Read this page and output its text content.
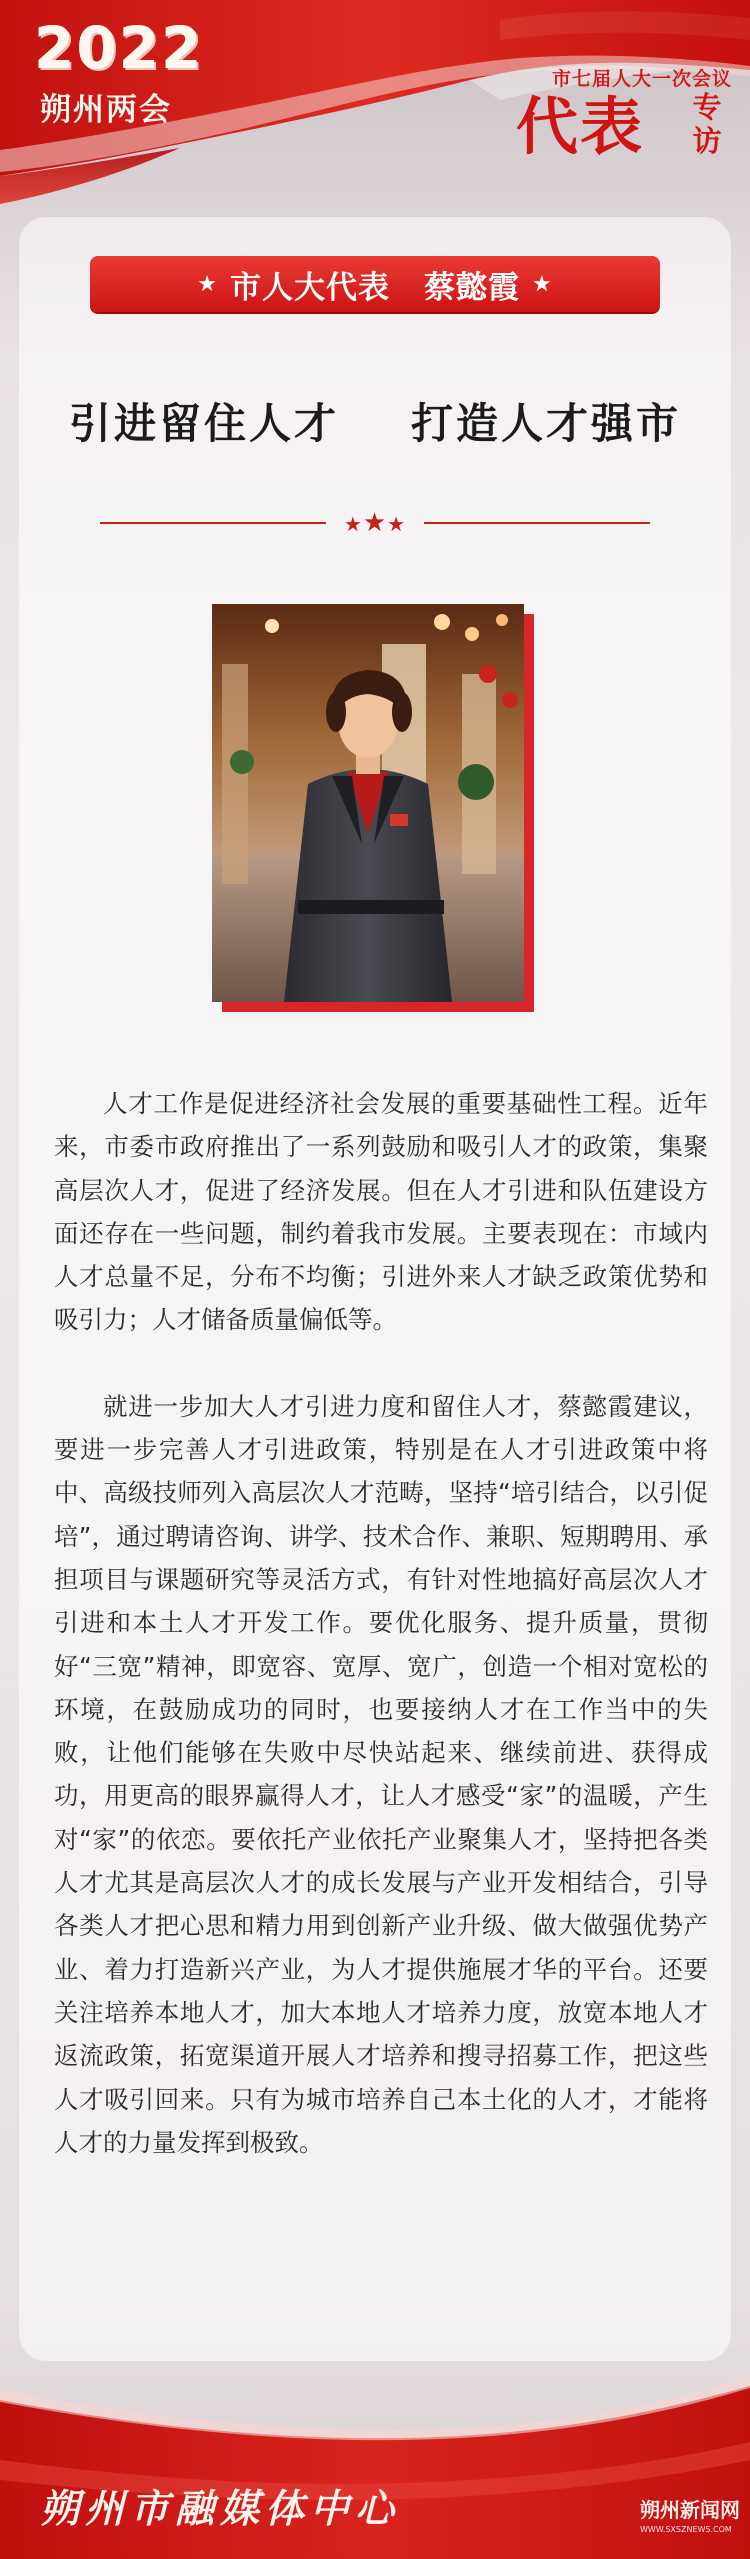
2022
朔州两会
市七届人大一次会议
代表 专访
★ 市人大代表 蔡懿霞 ★
引进留住人才 打造人才强市
★★★

人才工作是促进经济社会发展的重要基础性工程。近年来，市委市政府推出了一系列鼓励和吸引人才的政策，集聚高层次人才，促进了经济发展。但在人才引进和队伍建设方面还存在一些问题，制约着我市发展。主要表现在：市域内人才总量不足，分布不均衡；引进外来人才缺乏政策优势和吸引力；人才储备质量偏低等。

就进一步加大人才引进力度和留住人才，蔡懿霞建议，要进一步完善人才引进政策，特别是在人才引进政策中将中、高级技师列入高层次人才范畴，坚持“培引结合，以引促培”，通过聘请咨询、讲学、技术合作、兼职、短期聘用、承担项目与课题研究等灵活方式，有针对性地搞好高层次人才引进和本土人才开发工作。要优化服务、提升质量，贯彻好“三宽”精神，即宽容、宽厚、宽广，创造一个相对宽松的环境，在鼓励成功的同时，也要接纳人才在工作当中的失败，让他们能够在失败中尽快站起来、继续前进、获得成功，用更高的眼界赢得人才，让人才感受“家”的温暖，产生对“家”的依恋。要依托产业依托产业聚集人才，坚持把各类人才尤其是高层次人才的成长发展与产业开发相结合，引导各类人才把心思和精力用到创新产业升级、做大做强优势产业、着力打造新兴产业，为人才提供施展才华的平台。还要关注培养本地人才，加大本地人才培养力度，放宽本地人才返流政策，拓宽渠道开展人才培养和搜寻招募工作，把这些人才吸引回来。只有为城市培养自己本土化的人才，才能将人才的力量发挥到极致。

朔州市融媒体中心	朔州新闻网
WWW.SXSZNEWS.COM
